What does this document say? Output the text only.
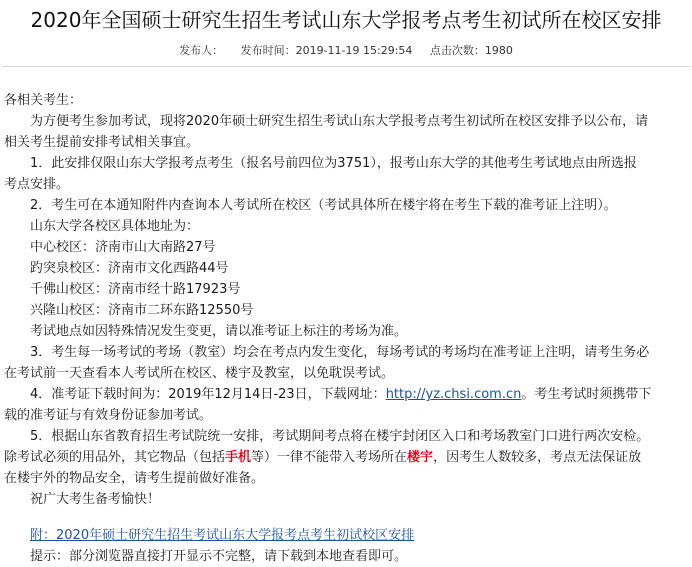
2020年全国硕士研究生招生考试山东大学报考点考生初试所在校区安排
发布人： 发布时间：2019-11-19 15:29:54 点击次数：1980
各相关考生：
为方便考生参加考试，现将2020年硕士研究生招生考试山东大学报考点考生初试所在校区安排予以公布，请
相关考生提前安排考试相关事宜。
1．此安排仅限山东大学报考点考生（报名号前四位为3751），报考山东大学的其他考生考试地点由所选报
考点安排。
2．考生可在本通知附件内查询本人考试所在校区（考试具体所在楼宇将在考生下载的准考证上注明）。
山东大学各校区具体地址为：
中心校区：济南市山大南路27号
趵突泉校区：济南市文化西路44号
千佛山校区：济南市经十路17923号
兴隆山校区：济南市二环东路12550号
考试地点如因特殊情况发生变更，请以准考证上标注的考场为准。
3．考生每一场考试的考场（教室）均会在考点内发生变化，每场考试的考场均在准考证上注明，请考生务必
在考试前一天查看本人考试所在校区、楼宇及教室，以免耽误考试。
4．准考证下载时间为：2019年12月14日-23日，下载网址：http://yz.chsi.com.cn。考生考试时须携带下
载的准考证与有效身份证参加考试。
5．根据山东省教育招生考试院统一安排，考试期间考点将在楼宇封闭区入口和考场教室门口进行两次安检。
除考试必须的用品外，其它物品（包括手机等）一律不能带入考场所在楼宇，因考生人数较多，考点无法保证放
在楼宇外的物品安全，请考生提前做好准备。
祝广大考生备考愉快！
附：2020年硕士研究生招生考试山东大学报考点考生初试校区安排
提示：部分浏览器直接打开显示不完整，请下载到本地查看即可。
